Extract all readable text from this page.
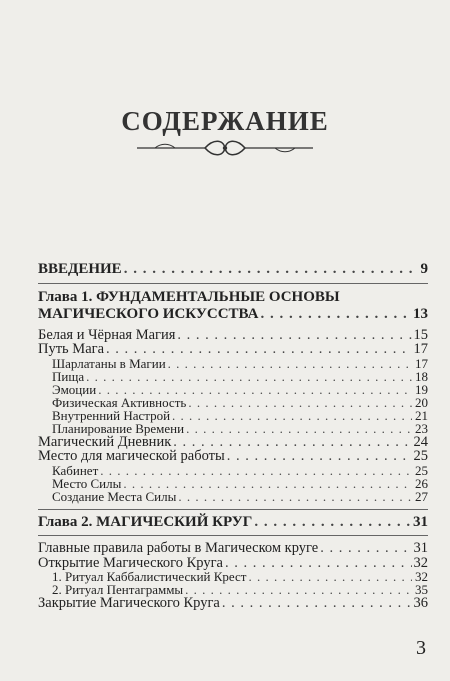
СОДЕРЖАНИЕ
ВВЕДЕНИЕ . . .	9
Глава 1. ФУНДАМЕНТАЛЬНЫЕ ОСНОВЫ
МАГИЧЕСКОГО ИСКУССТВА . . .	13
Белая и Чёрная Магия . . .	15
Путь Мага . . .	17
Шарлатаны в Магии . . .	17
Пища . . .	18
Эмоции . . .	19
Физическая Активность . . .	20
Внутренний Настрой . . .	21
Планирование Времени . . .	23
Магический Дневник . . .	24
Место для магической работы . . .	25
Кабинет . . .	25
Место Силы . . .	26
Создание Места Силы . . .	27
Глава 2. МАГИЧЕСКИЙ КРУГ . . .	31
Главные правила работы в Магическом круге . . .	31
Открытие Магического Круга . . .	32
1. Ритуал Каббалистический Крест . . .	32
2. Ритуал Пентаграммы . . .	35
Закрытие Магического Круга . . .	36
3
